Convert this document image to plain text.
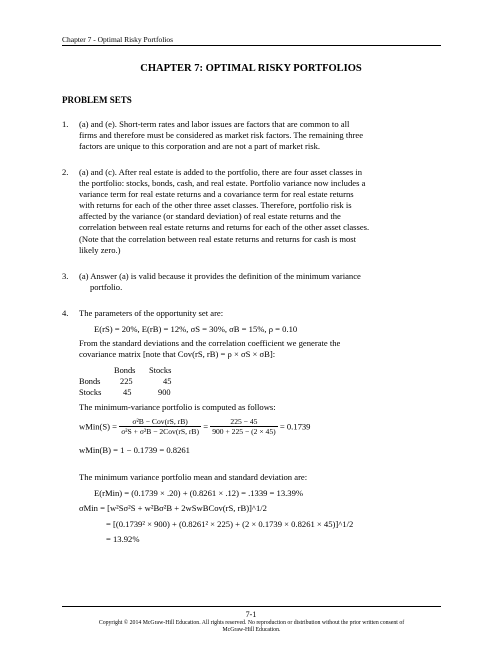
Chapter 7 - Optimal Risky Portfolios
CHAPTER 7: OPTIMAL RISKY PORTFOLIOS
PROBLEM SETS
1. (a) and (e). Short-term rates and labor issues are factors that are common to all
firms and therefore must be considered as market risk factors. The remaining three
factors are unique to this corporation and are not a part of market risk.
2. (a) and (c). After real estate is added to the portfolio, there are four asset classes in
the portfolio: stocks, bonds, cash, and real estate. Portfolio variance now includes a
variance term for real estate returns and a covariance term for real estate returns
with returns for each of the other three asset classes. Therefore, portfolio risk is
affected by the variance (or standard deviation) of real estate returns and the
correlation between real estate returns and returns for each of the other asset classes.
(Note that the correlation between real estate returns and returns for cash is most
likely zero.)
3. (a) Answer (a) is valid because it provides the definition of the minimum variance
portfolio.
4. The parameters of the opportunity set are:
E(rS) = 20%, E(rB) = 12%, σS = 30%, σB = 15%, ρ = 0.10
From the standard deviations and the correlation coefficient we generate the
covariance matrix [note that Cov(rS, rB) = ρ × σS × σB]:
Bonds Stocks
Bonds 225	45
Stocks	45	900
The minimum-variance portfolio is computed as follows:
wMin(S) = $\frac{\text{σ²B − Cov(rS, rB)}}{\text{σ²S + σ²B − 2Cov(rS, rB)}} = \frac{225 - 45}{900 + 225 - (2 \times 45)} = 0.1739$
wMin(B) = 1 − 0.1739 = 0.8261
The minimum variance portfolio mean and standard deviation are:
E(rMin) = (0.1739 × .20) + (0.8261 × .12) = .1339 = 13.39%
σMin = [w²Sσ²S + w²Bσ²B + 2wSwBCov(rS, rB)]^1/2
= [(0.1739² × 900) + (0.8261² × 225) + (2 × 0.1739 × 0.8261 × 45)]^1/2
= 13.92%
7-1
Copyright © 2014 McGraw-Hill Education. All rights reserved. No reproduction or distribution without the prior written consent of
McGraw-Hill Education.
